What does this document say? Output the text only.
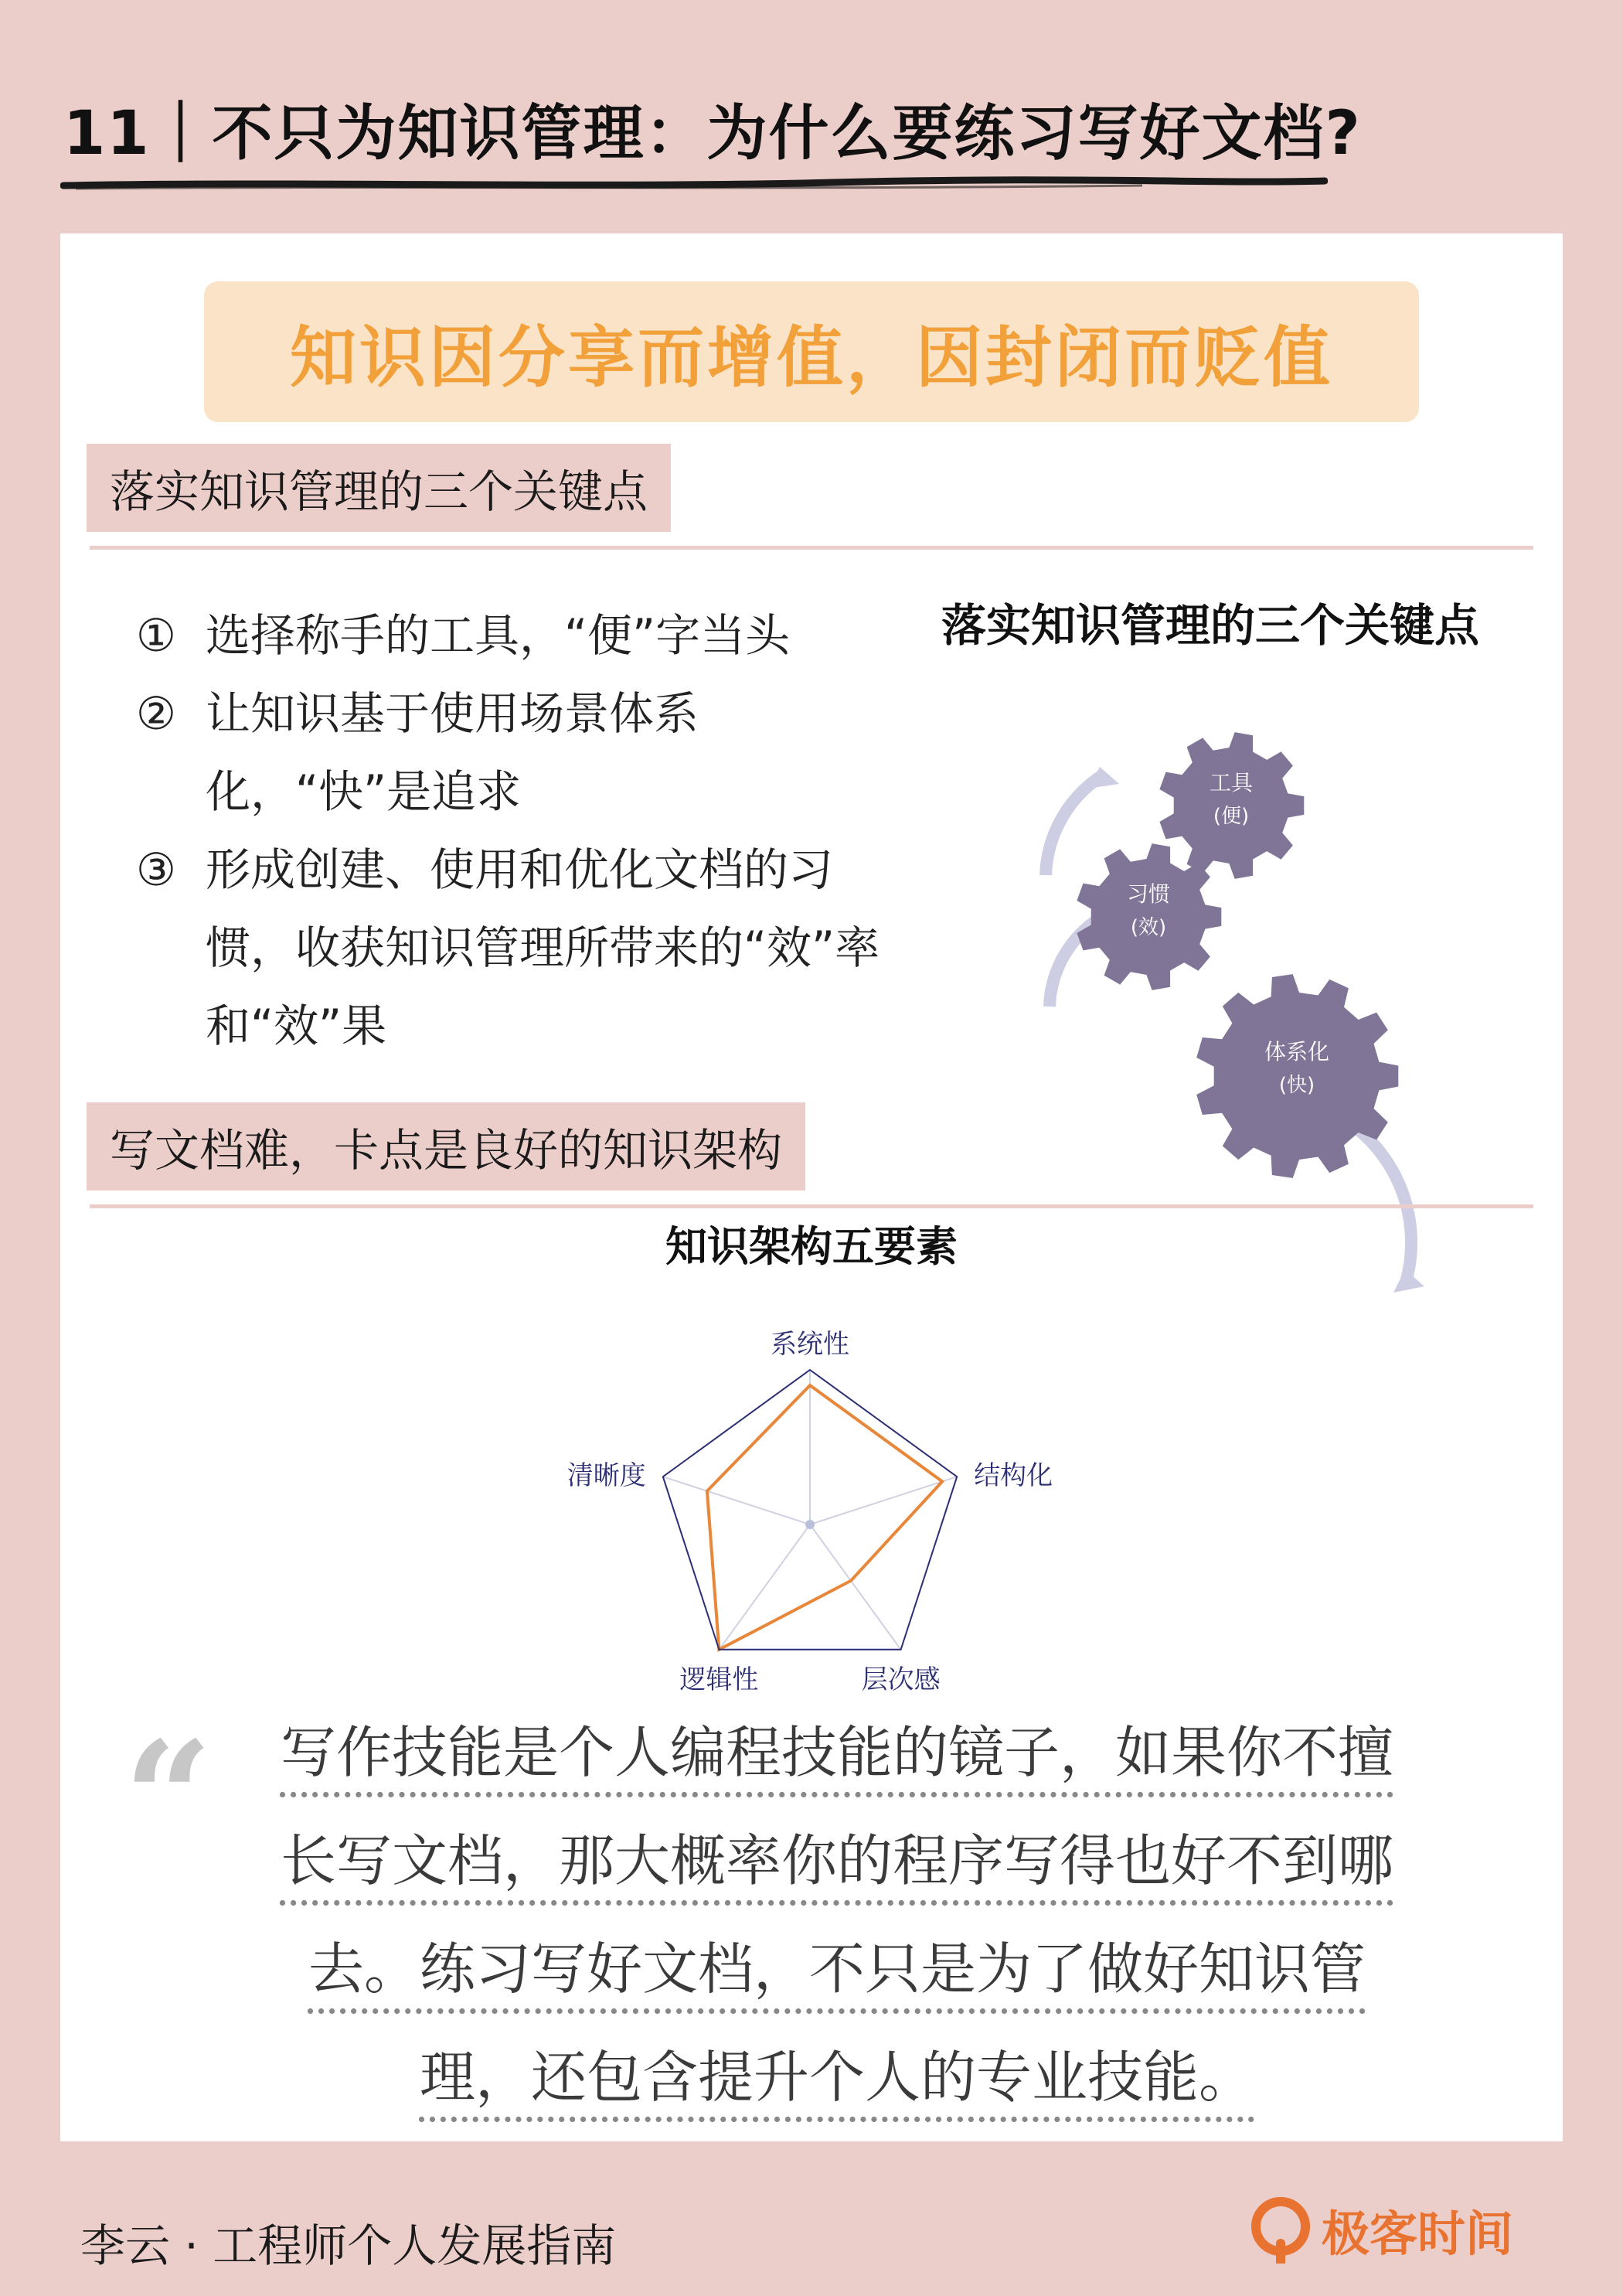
11｜不只为知识管理：为什么要练习写好文档?
知识因分享而增值，因封闭而贬值
落实知识管理的三个关键点
① 选择称手的工具，“便”字当头
② 让知识基于使用场景体系化，“快”是追求
③ 形成创建、使用和优化文档的习惯，收获知识管理所带来的“效”率和“效”果
落实知识管理的三个关键点
工具
(便)
习惯
(效)
体系化
(快)
写文档难，卡点是良好的知识架构
知识架构五要素
系统性
结构化
层次感
逻辑性
清晰度
“	写作技能是个人编程技能的镜子，如果你不擅
长写文档，那大概率你的程序写得也好不到哪
去。练习写好文档，不只是为了做好知识管
理，还包含提升个人的专业技能。
李云 · 工程师个人发展指南	极客时间
